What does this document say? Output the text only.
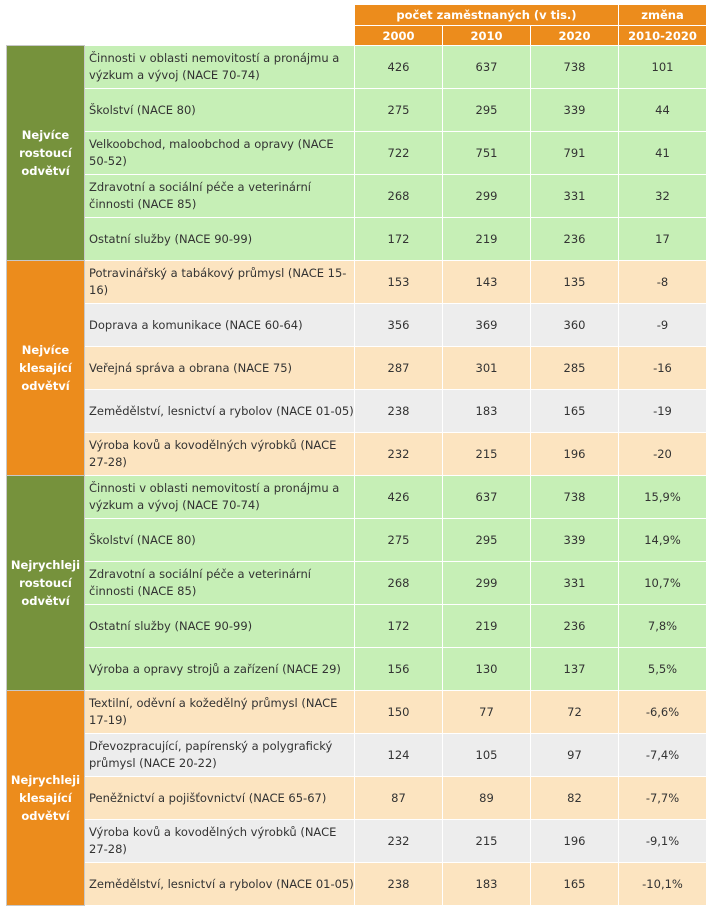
		počet zaměstnaných (v tis.)			změna
		2000	2010	2020	2010-2020
Nejvíce rostoucí odvětví	Činnosti v oblasti nemovitostí a pronájmu a výzkum a vývoj (NACE 70-74)	426	637	738	101
	Školství (NACE 80)	275	295	339	44
	Velkoobchod, maloobchod a opravy (NACE 50-52)	722	751	791	41
	Zdravotní a sociální péče a veterinární činnosti (NACE 85)	268	299	331	32
	Ostatní služby (NACE 90-99)	172	219	236	17
Nejvíce klesající odvětví	Potravinářský a tabákový průmysl (NACE 15-16)	153	143	135	-8
	Doprava a komunikace (NACE 60-64)	356	369	360	-9
	Veřejná správa a obrana (NACE 75)	287	301	285	-16
	Zemědělství, lesnictví a rybolov (NACE 01-05)	238	183	165	-19
	Výroba kovů a kovodělných výrobků (NACE 27-28)	232	215	196	-20
Nejrychleji rostoucí odvětví	Činnosti v oblasti nemovitostí a pronájmu a výzkum a vývoj (NACE 70-74)	426	637	738	15,9%
	Školství (NACE 80)	275	295	339	14,9%
	Zdravotní a sociální péče a veterinární činnosti (NACE 85)	268	299	331	10,7%
	Ostatní služby (NACE 90-99)	172	219	236	7,8%
	Výroba a opravy strojů a zařízení (NACE 29)	156	130	137	5,5%
Nejrychleji klesající odvětví	Textilní, oděvní a kožedělný průmysl (NACE 17-19)	150	77	72	-6,6%
	Dřevozpracující, papírenský a polygrafický průmysl (NACE 20-22)	124	105	97	-7,4%
	Peněžnictví a pojišťovnictví (NACE 65-67)	87	89	82	-7,7%
	Výroba kovů a kovodělných výrobků (NACE 27-28)	232	215	196	-9,1%
	Zemědělství, lesnictví a rybolov (NACE 01-05)	238	183	165	-10,1%
